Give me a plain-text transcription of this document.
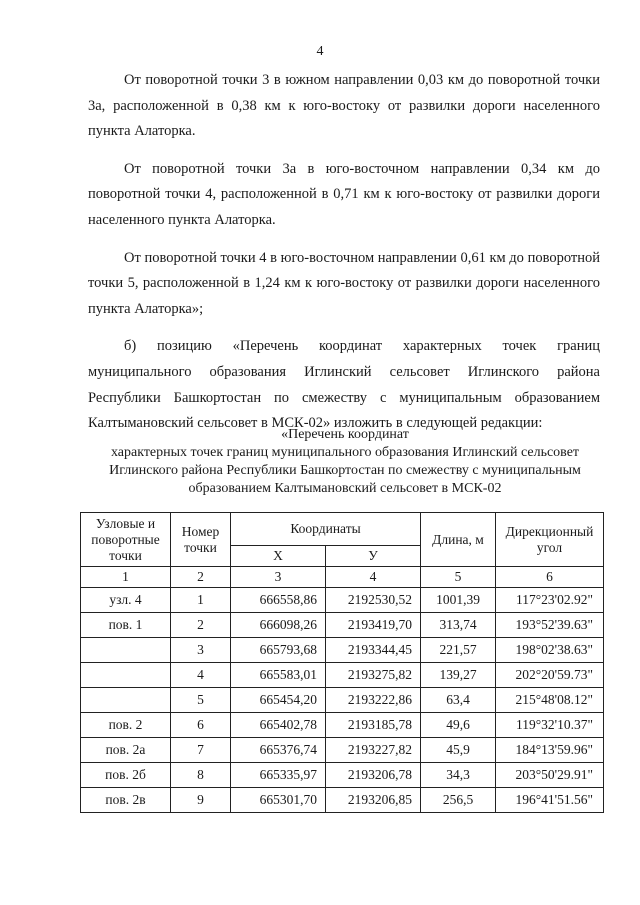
4

От поворотной точки 3 в южном направлении 0,03 км до поворотной точки 3а, расположенной в 0,38 км к юго-востоку от развилки дороги населенного пункта Алаторка.

От поворотной точки 3а в юго-восточном направлении 0,34 км до поворотной точки 4, расположенной в 0,71 км к юго-востоку от развилки дороги населенного пункта Алаторка.

От поворотной точки 4 в юго-восточном направлении 0,61 км до поворотной точки 5, расположенной в 1,24 км к юго-востоку от развилки дороги населенного пункта Алаторка»;

б) позицию «Перечень координат характерных точек границ муниципального образования Иглинский сельсовет Иглинского района Республики Башкортостан по смежеству с муниципальным образованием Калтымановский сельсовет в МСК-02» изложить в следующей редакции:

«Перечень координат
характерных точек границ муниципального образования Иглинский сельсовет
Иглинского района Республики Башкортостан по смежеству с муниципальным
образованием Калтымановский сельсовет в МСК-02
Узловые и поворотные точки	Номер точки	Координаты		Длина, м	Дирекционный угол
		Х	У		
1	2	3	4	5	6
узл. 4	1	666558,86	2192530,52	1001,39	117°23'02.92"
пов. 1	2	666098,26	2193419,70	313,74	193°52'39.63"
	3	665793,68	2193344,45	221,57	198°02'38.63"
	4	665583,01	2193275,82	139,27	202°20'59.73"
	5	665454,20	2193222,86	63,4	215°48'08.12"
пов. 2	6	665402,78	2193185,78	49,6	119°32'10.37"
пов. 2а	7	665376,74	2193227,82	45,9	184°13'59.96"
пов. 2б	8	665335,97	2193206,78	34,3	203°50'29.91"
пов. 2в	9	665301,70	2193206,85	256,5	196°41'51.56"
